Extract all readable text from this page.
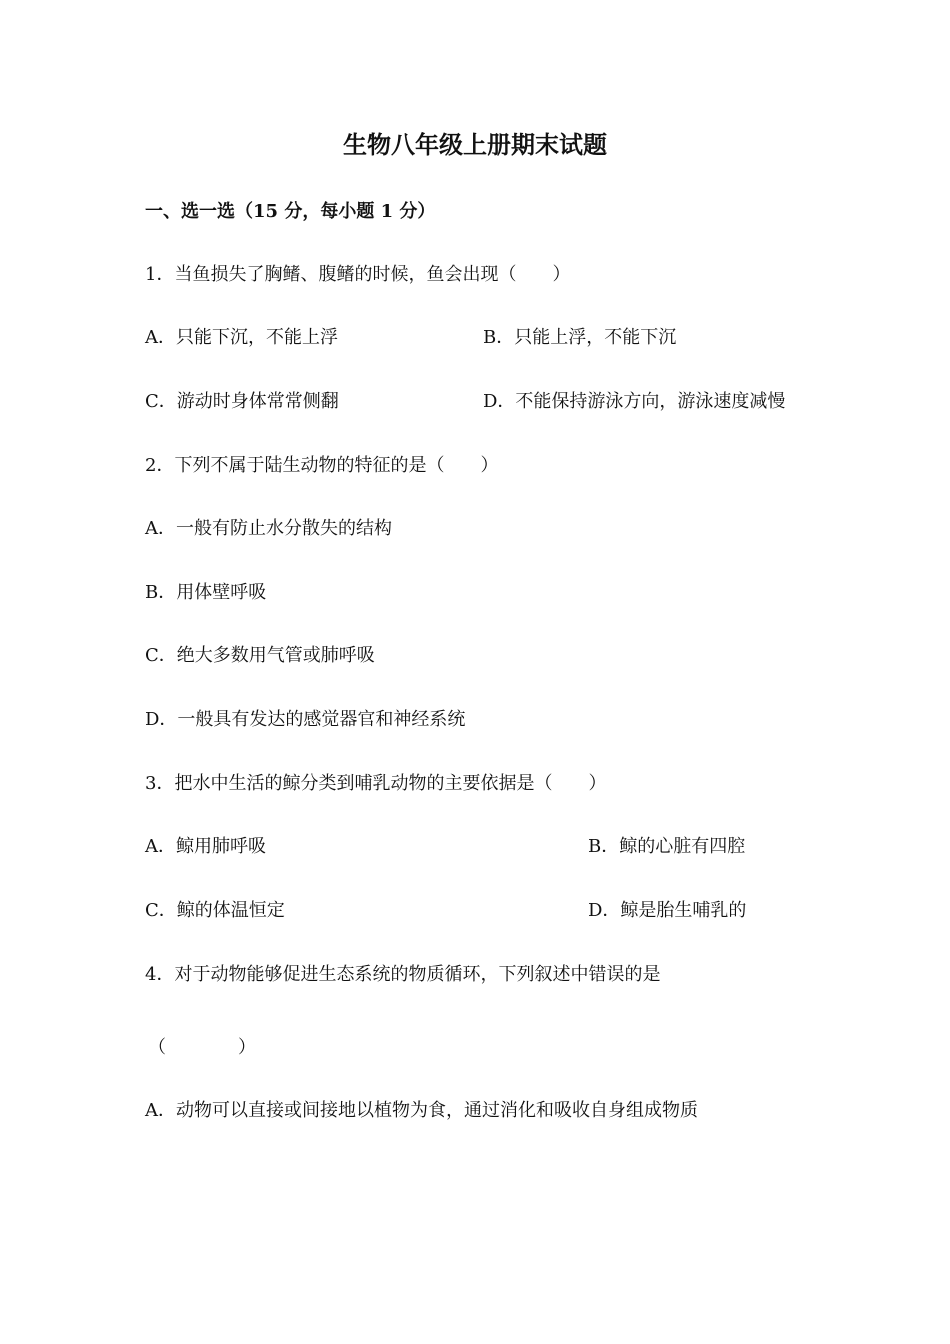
生物八年级上册期末试题
一、选一选（15 分，每小题 1 分）
1．当鱼损失了胸鳍、腹鳍的时候，鱼会出现（　　）
A．只能下沉，不能上浮	B．只能上浮，不能下沉
C．游动时身体常常侧翻	D．不能保持游泳方向，游泳速度减慢
2．下列不属于陆生动物的特征的是（　　）
A．一般有防止水分散失的结构
B．用体壁呼吸
C．绝大多数用气管或肺呼吸
D．一般具有发达的感觉器官和神经系统
3．把水中生活的鲸分类到哺乳动物的主要依据是（　　）
A．鲸用肺呼吸	B．鲸的心脏有四腔
C．鲸的体温恒定	D．鲸是胎生哺乳的
4．对于动物能够促进生态系统的物质循环，下列叙述中错误的是
（　　　　）
A．动物可以直接或间接地以植物为食，通过消化和吸收自身组成物质
